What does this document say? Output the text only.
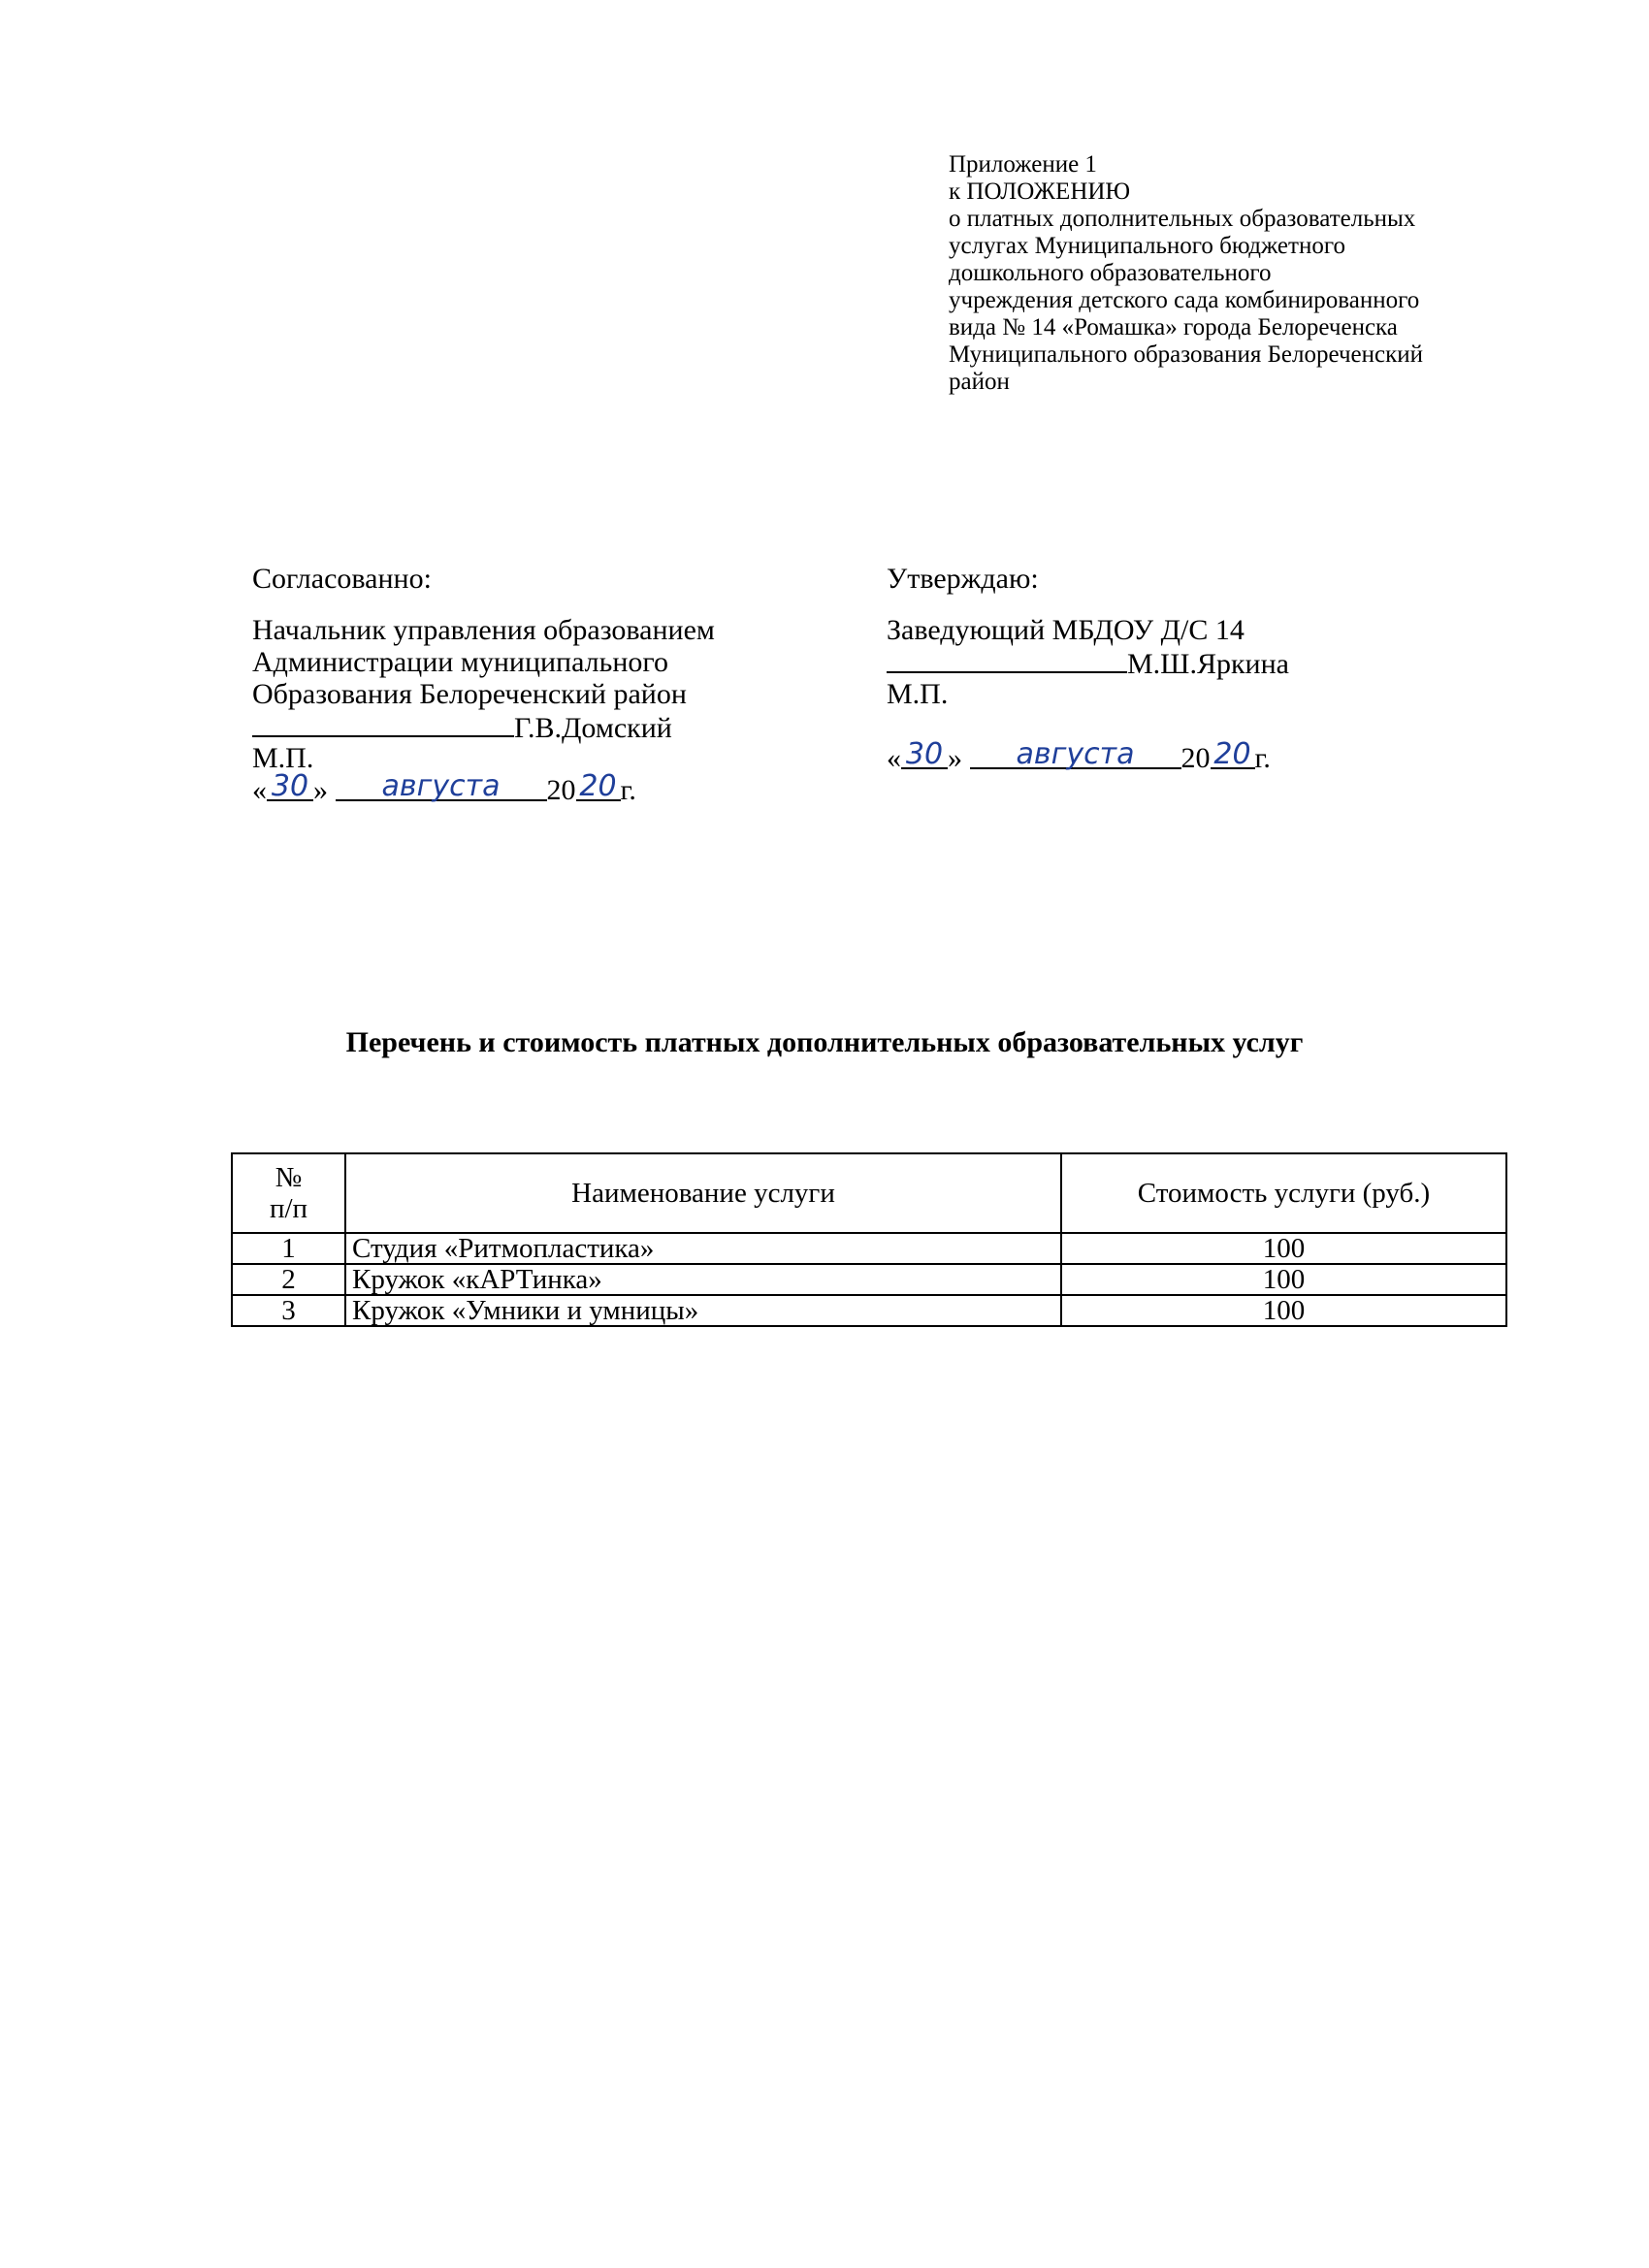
Приложение 1
к ПОЛОЖЕНИЮ
о платных дополнительных образовательных
услугах Муниципального бюджетного
дошкольного образовательного
учреждения детского сада комбинированного
вида № 14 «Ромашка» города Белореченска
Муниципального образования Белореченский
район
Согласованно:
Начальник управления образованием
Администрации муниципального
Образования Белореченский район
Г.В.Домский
М.П.
« 30 » августа 20 20 г.
Утверждаю:
Заведующий МБДОУ Д/С 14
М.Ш.Яркина
М.П.
« 30 » августа 20 20 г.
Перечень и стоимость платных дополнительных образовательных услуг
№
п/п	Наименование услуги	Стоимость услуги (руб.)
1	Студия «Ритмопластика»	100
2	Кружок «кАРТинка»	100
3	Кружок «Умники и умницы»	100
